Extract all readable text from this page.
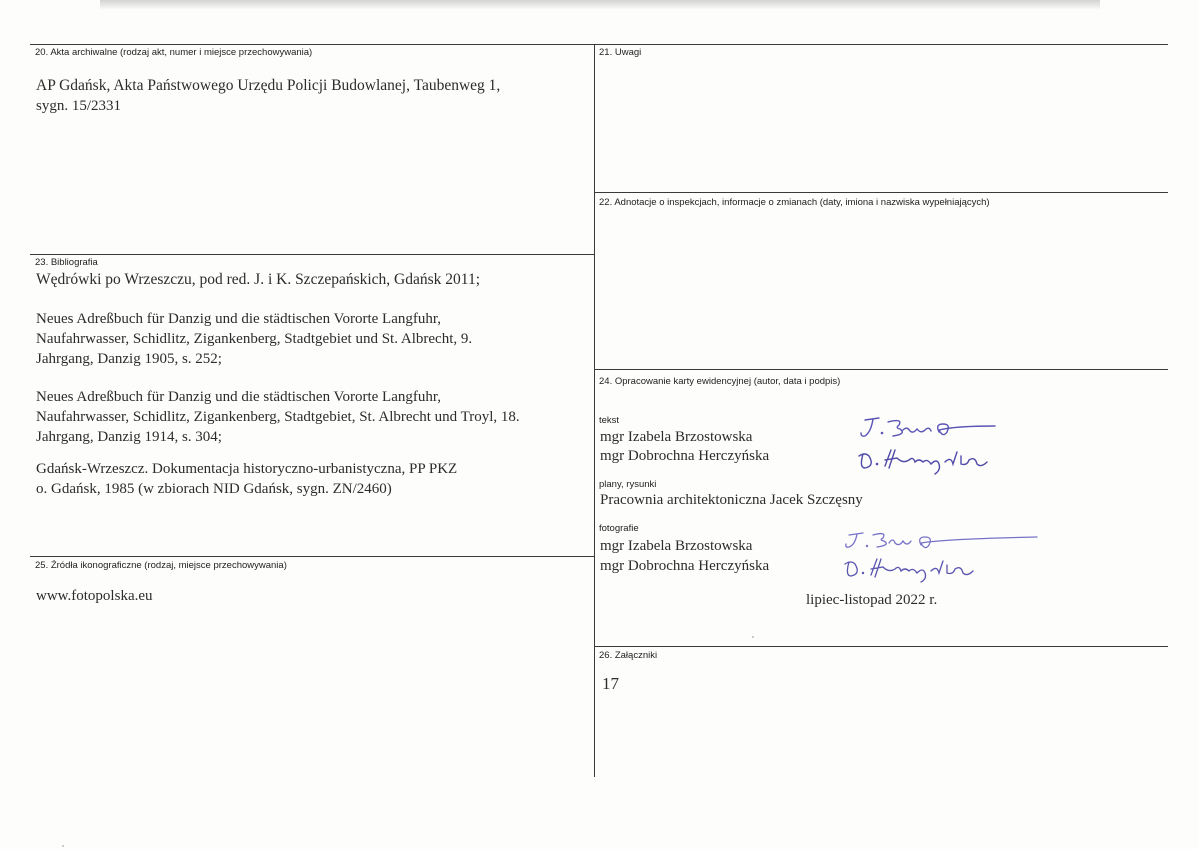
20. Akta archiwalne (rodzaj akt, numer i miejsce przechowywania)
AP Gdańsk, Akta Państwowego Urzędu Policji Budowlanej, Taubenweg 1,
sygn. 15/2331
21. Uwagi
22. Adnotacje o inspekcjach, informacje o zmianach (daty, imiona i nazwiska wypełniających)
23. Bibliografia
Wędrówki po Wrzeszczu, pod red. J. i K. Szczepańskich, Gdańsk 2011;
Neues Adreßbuch für Danzig und die städtischen Vororte Langfuhr,
Naufahrwasser, Schidlitz, Zigankenberg, Stadtgebiet und St. Albrecht, 9.
Jahrgang, Danzig 1905, s. 252;
Neues Adreßbuch für Danzig und die städtischen Vororte Langfuhr,
Naufahrwasser, Schidlitz, Zigankenberg, Stadtgebiet, St. Albrecht und Troyl, 18.
Jahrgang, Danzig 1914, s. 304;
Gdańsk-Wrzeszcz. Dokumentacja historyczno-urbanistyczna, PP PKZ
o. Gdańsk, 1985 (w zbiorach NID Gdańsk, sygn. ZN/2460)
24. Opracowanie karty ewidencyjnej (autor, data i podpis)
tekst
mgr Izabela Brzostowska
mgr Dobrochna Herczyńska
plany, rysunki
Pracownia architektoniczna Jacek Szczęsny
fotografie
mgr Izabela Brzostowska
mgr Dobrochna Herczyńska
lipiec-listopad 2022 r.
25. Źródła ikonograficzne (rodzaj, miejsce przechowywania)
www.fotopolska.eu
26. Załączniki
17
